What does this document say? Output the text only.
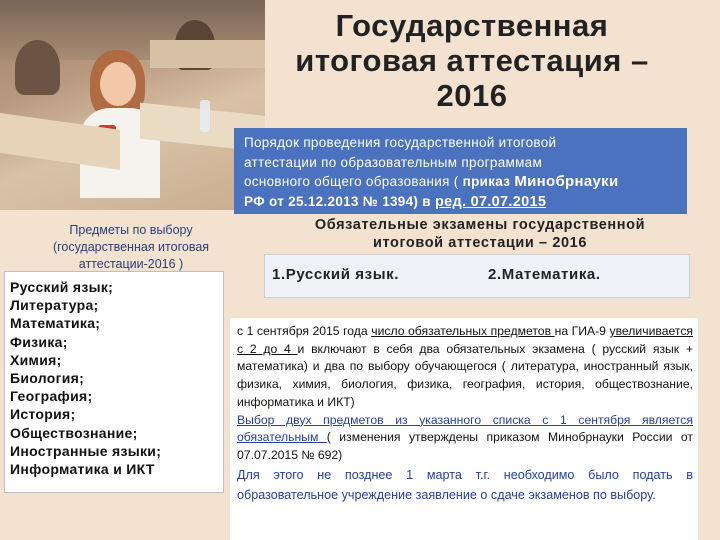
Государственная итоговая аттестация – 2016
Порядок проведения государственной итоговой
аттестации по образовательным программам
основного общего образования ( приказ Минобрнауки
РФ от 25.12.2013 № 1394) в ред. 07.07.2015
Предметы по выбору
(государственная итоговая
аттестации-2016 )
Обязательные экзамены государственной
итоговой аттестации – 2016
1.Русский язык.	2.Математика.
Русский язык;
Литература;
Математика;
Физика;
Химия;
Биология;
География;
История;
Обществознание;
Иностранные языки;
Информатика и ИКТ

с 1 сентября 2015 года число обязательных предметов на ГИА-9 увеличивается с 2 до 4 и включают в себя два обязательных экзамена ( русский язык + математика) и два по выбору обучающегося ( литература, иностранный язык, физика, химия, биология, физика, география, история, обществознание, информатика и ИКТ)

Выбор двух предметов из указанного списка с 1 сентября является обязательным ( изменения утверждены приказом Минобрнауки России от 07.07.2015 № 692)

Для этого не позднее 1 марта т.г. необходимо было подать в образовательное учреждение заявление о сдаче экзаменов по выбору.
